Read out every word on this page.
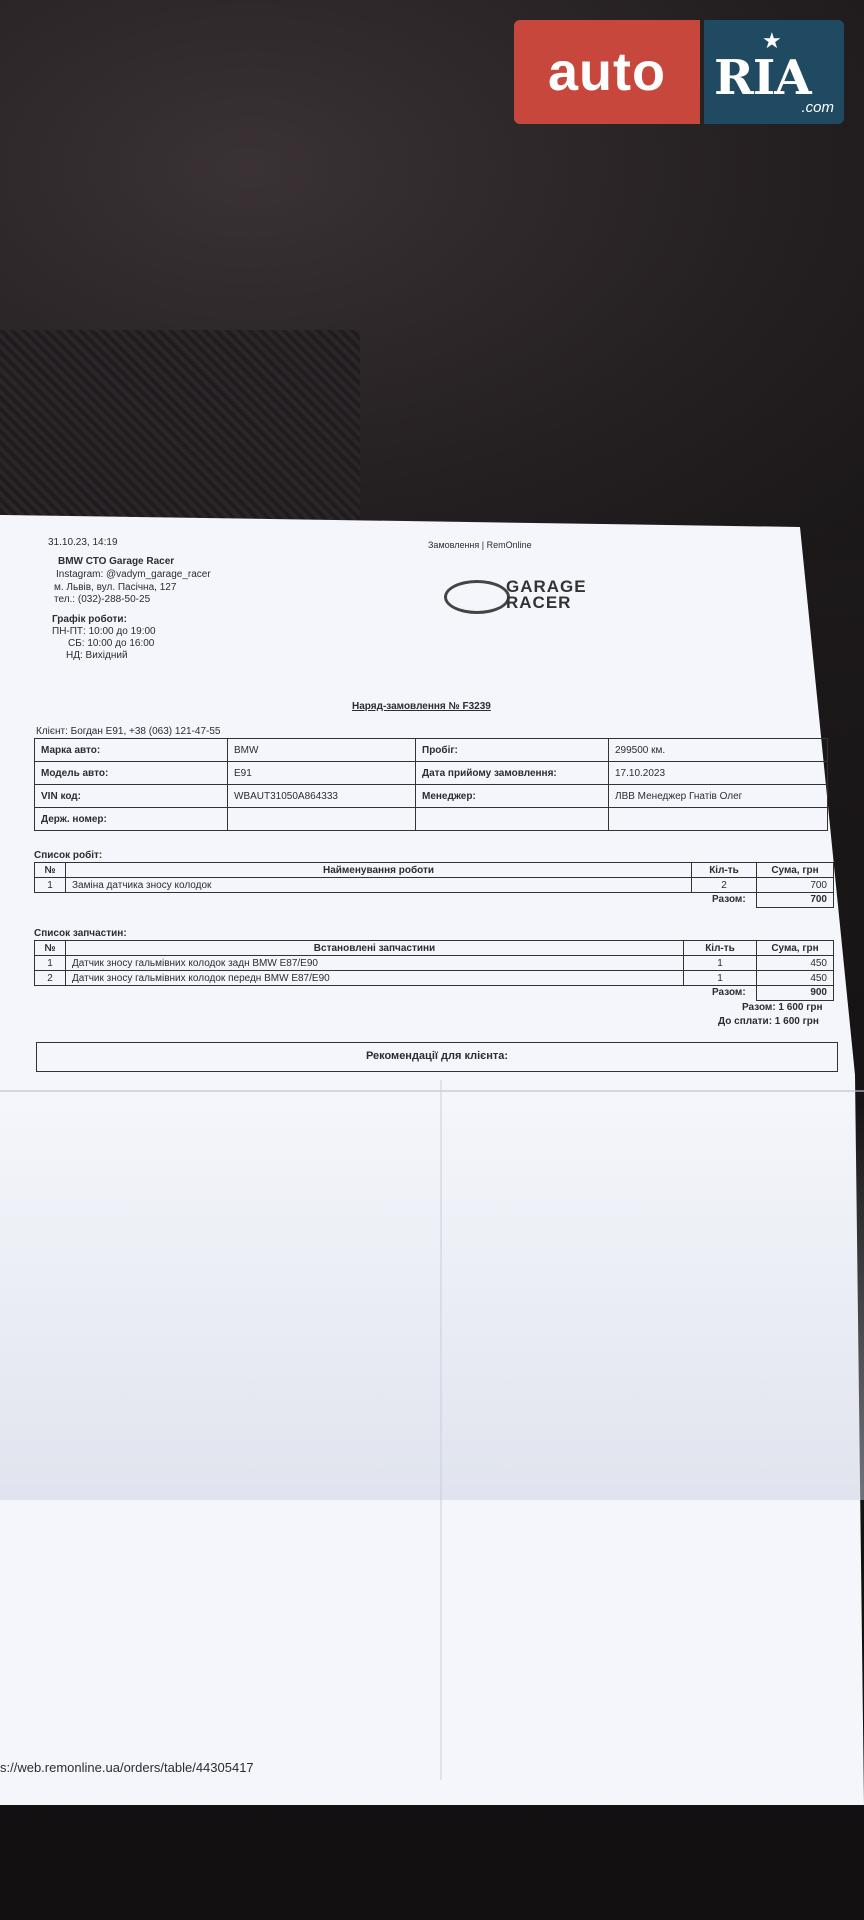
auto
★
RIA
.com
31.10.23, 14:19	Замовлення | RemOnline
BMW СТО Garage Racer
Instagram: @vadym_garage_racer
м. Львів, вул. Пасічна, 127
тел.: (032)-288-50-25
Графік роботи:
ПН-ПТ: 10:00 до 19:00
СБ: 10:00 до 16:00
НД: Вихідний
GARAGE
RACER
Наряд-замовлення № F3239
Клієнт: Богдан E91, +38 (063) 121-47-55
Марка авто:	BMW	Пробіг:	299500 км.
Модель авто:	E91	Дата прийому замовлення:	17.10.2023
VIN код:	WBAUT31050A864333	Менеджер:	ЛВВ Менеджер Гнатів Олег
Держ. номер:			
Список робіт:
№	Найменування роботи	Кіл-ть	Сума, грн
1	Заміна датчика зносу колодок	2	700
Разом:	700
Список запчастин:
№	Встановлені запчастини	Кіл-ть	Сума, грн
1	Датчик зносу гальмівних колодок задн BMW E87/E90	1	450
2	Датчик зносу гальмівних колодок передн BMW E87/E90	1	450
Разом:	900
Разом: 1 600 грн
До сплати: 1 600 грн
Рекомендації для клієнта:
s://web.remonline.ua/orders/table/44305417
